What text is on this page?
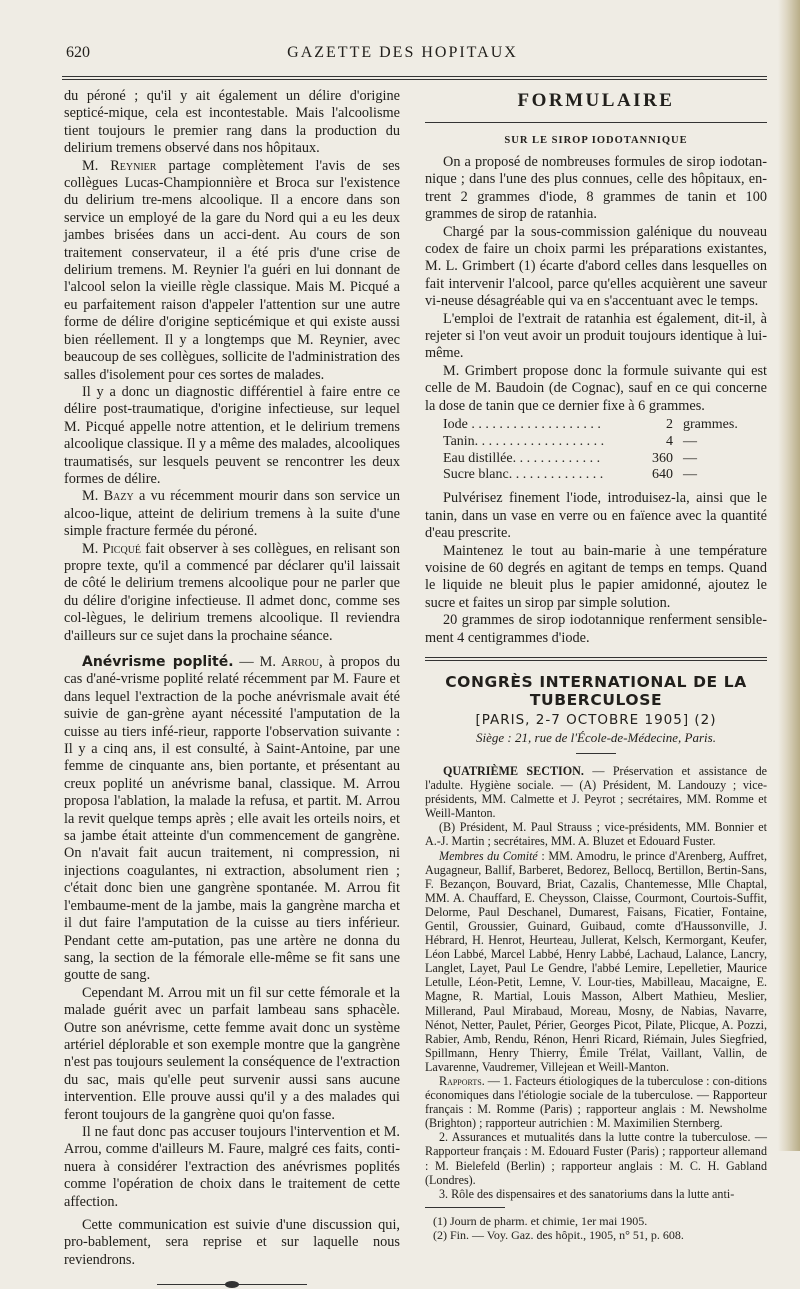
620	GAZETTE DES HOPITAUX

du péroné ; qu'il y ait également un délire d'origine septicé-mique, cela est incontestable. Mais l'alcoolisme tient toujours le premier rang dans la production du delirium tremens observé dans nos hôpitaux.

M. Reynier partage complètement l'avis de ses collègues Lucas-Championnière et Broca sur l'existence du delirium tre-mens alcoolique. Il a encore dans son service un employé de la gare du Nord qui a eu les deux jambes brisées dans un acci-dent. Au cours de son traitement conservateur, il a été pris d'une crise de delirium tremens. M. Reynier l'a guéri en lui donnant de l'alcool selon la vieille règle classique. Mais M. Picqué a eu parfaitement raison d'appeler l'attention sur une autre forme de délire d'origine septicémique et qui existe aussi bien réellement. Il y a longtemps que M. Reynier, avec beaucoup de ses collègues, sollicite de l'administration des salles d'isolement pour ces sortes de malades.

Il y a donc un diagnostic différentiel à faire entre ce délire post-traumatique, d'origine infectieuse, sur lequel M. Picqué appelle notre attention, et le delirium tremens alcoolique classique. Il y a même des malades, alcooliques traumatisés, sur lesquels peuvent se rencontrer les deux formes de délire.

M. Bazy a vu récemment mourir dans son service un alcoo-lique, atteint de delirium tremens à la suite d'une simple fracture fermée du péroné.

M. Picqué fait observer à ses collègues, en relisant son propre texte, qu'il a commencé par déclarer qu'il laissait de côté le delirium tremens alcoolique pour ne parler que du délire d'origine infectieuse. Il admet donc, comme ses col-lègues, le delirium tremens alcoolique. Il reviendra d'ailleurs sur ce sujet dans la prochaine séance.

Anévrisme poplité. — M. Arrou, à propos du cas d'ané-vrisme poplité relaté récemment par M. Faure et dans lequel l'extraction de la poche anévrismale avait été suivie de gan-grène ayant nécessité l'amputation de la cuisse au tiers infé-rieur, rapporte l'observation suivante : Il y a cinq ans, il est consulté, à Saint-Antoine, par une femme de cinquante ans, bien portante, et présentant au creux poplité un anévrisme banal, classique. M. Arrou proposa l'ablation, la malade la refusa, et partit. M. Arrou la revit quelque temps après ; elle avait les orteils noirs, et sa jambe était atteinte d'un commencement de gangrène. On n'avait fait aucun traitement, ni compression, ni injections coagulantes, ni extraction, absolument rien ; c'était donc bien une gangrène spontanée. M. Arrou fit l'embaume-ment de la jambe, mais la gangrène marcha et il dut faire l'amputation de la cuisse au tiers inférieur. Pendant cette am-putation, pas une artère ne donna du sang, la section de la fémorale elle-même se fit sans une goutte de sang.

Cependant M. Arrou mit un fil sur cette fémorale et la malade guérit avec un parfait lambeau sans sphacèle. Outre son anévrisme, cette femme avait donc un système artériel déplorable et son exemple montre que la gangrène n'est pas toujours seulement la conséquence de l'extraction du sac, mais qu'elle peut survenir aussi sans aucune intervention. Elle prouve aussi qu'il y a des malades qui feront toujours de la gangrène quoi qu'on fasse.

Il ne faut donc pas accuser toujours l'intervention et M. Arrou, comme d'ailleurs M. Faure, malgré ces faits, conti-nuera à considérer l'extraction des anévrismes poplités comme l'opération de choix dans le traitement de cette affection.

Cette communication est suivie d'une discussion qui, pro-bablement, sera reprise et sur laquelle nous reviendrons.

FORMULAIRE
SUR LE SIROP IODOTANNIQUE

On a proposé de nombreuses formules de sirop iodotan-nique ; dans l'une des plus connues, celle des hôpitaux, en-trent 2 grammes d'iode, 8 grammes de tanin et 100 grammes de sirop de ratanhia.

Chargé par la sous-commission galénique du nouveau codex de faire un choix parmi les préparations existantes, M. L. Grimbert (1) écarte d'abord celles dans lesquelles on fait intervenir l'alcool, parce qu'elles acquièrent une saveur vi-neuse désagréable qui va en s'accentuant avec le temps.

L'emploi de l'extrait de ratanhia est également, dit-il, à rejeter si l'on veut avoir un produit toujours identique à lui-même.

M. Grimbert propose donc la formule suivante qui est celle de M. Baudoin (de Cognac), sauf en ce qui concerne la dose de tanin que ce dernier fixe à 6 grammes.

Iode . . . . . . . . . . . . . . . . . . .	2 grammes.
Tanin. . . . . . . . . . . . . . . . . . .	4 —
Eau distillée. . . . . . . . . . . . .	360 —
Sucre blanc. . . . . . . . . . . . . .	640 —

Pulvérisez finement l'iode, introduisez-la, ainsi que le tanin, dans un vase en verre ou en faïence avec la quantité d'eau prescrite.

Maintenez le tout au bain-marie à une température voisine de 60 degrés en agitant de temps en temps. Quand le liquide ne bleuit plus le papier amidonné, ajoutez le sucre et faites un sirop par simple solution.

20 grammes de sirop iodotannique renferment sensible-ment 4 centigrammes d'iode.

CONGRÈS INTERNATIONAL DE LA TUBERCULOSE
[PARIS, 2-7 OCTOBRE 1905] (2)
Siège : 21, rue de l'École-de-Médecine, Paris.

QUATRIÈME SECTION. — Préservation et assistance de l'adulte. Hygiène sociale. — (A) Président, M. Landouzy ; vice-présidents, MM. Calmette et J. Peyrot ; secrétaires, MM. Romme et Weill-Manton.

(B) Président, M. Paul Strauss ; vice-présidents, MM. Bonnier et A.-J. Martin ; secrétaires, MM. A. Bluzet et Edouard Fuster.

Membres du Comité : MM. Amodru, le prince d'Arenberg, Auffret, Augagneur, Ballif, Barberet, Bedorez, Bellocq, Bertillon, Bertin-Sans, F. Bezançon, Bouvard, Briat, Cazalis, Chantemesse, Mlle Chaptal, MM. A. Chauffard, E. Cheysson, Claisse, Courmont, Courtois-Suffit, Delorme, Paul Deschanel, Dumarest, Faisans, Ficatier, Fontaine, Gentil, Groussier, Guinard, Guibaud, comte d'Haussonville, J. Hébrard, H. Henrot, Heurteau, Jullerat, Kelsch, Kermorgant, Keufer, Léon Labbé, Marcel Labbé, Henry Labbé, Lachaud, Lalance, Lancry, Langlet, Layet, Paul Le Gendre, l'abbé Lemire, Lepelletier, Maurice Letulle, Léon-Petit, Lemne, V. Lour-ties, Mabilleau, Macaigne, E. Magne, R. Martial, Louis Masson, Albert Mathieu, Meslier, Millerand, Paul Mirabaud, Moreau, Mosny, de Nabias, Navarre, Nénot, Netter, Paulet, Périer, Georges Picot, Pilate, Plicque, A. Pozzi, Rabier, Amb, Rendu, Rénon, Henri Ricard, Riémain, Jules Siegfried, Spillmann, Henry Thierry, Émile Trélat, Vaillant, Vallin, de Lavarenne, Vaudremer, Villejean et Weill-Manton.

Rapports. — 1. Facteurs étiologiques de la tuberculose : con-ditions économiques dans l'étiologie sociale de la tuberculose. — Rapporteur français : M. Romme (Paris) ; rapporteur anglais : M. Newsholme (Brighton) ; rapporteur autrichien : M. Maximilien Sternberg.

2. Assurances et mutualités dans la lutte contre la tuberculose. — Rapporteur français : M. Edouard Fuster (Paris) ; rapporteur allemand : M. Bielefeld (Berlin) ; rapporteur anglais : M. C. H. Gabland (Londres).

3. Rôle des dispensaires et des sanatoriums dans la lutte anti-

(1) Journ de pharm. et chimie, 1er mai 1905.
(2) Fin. — Voy. Gaz. des hôpit., 1905, n° 51, p. 608.
